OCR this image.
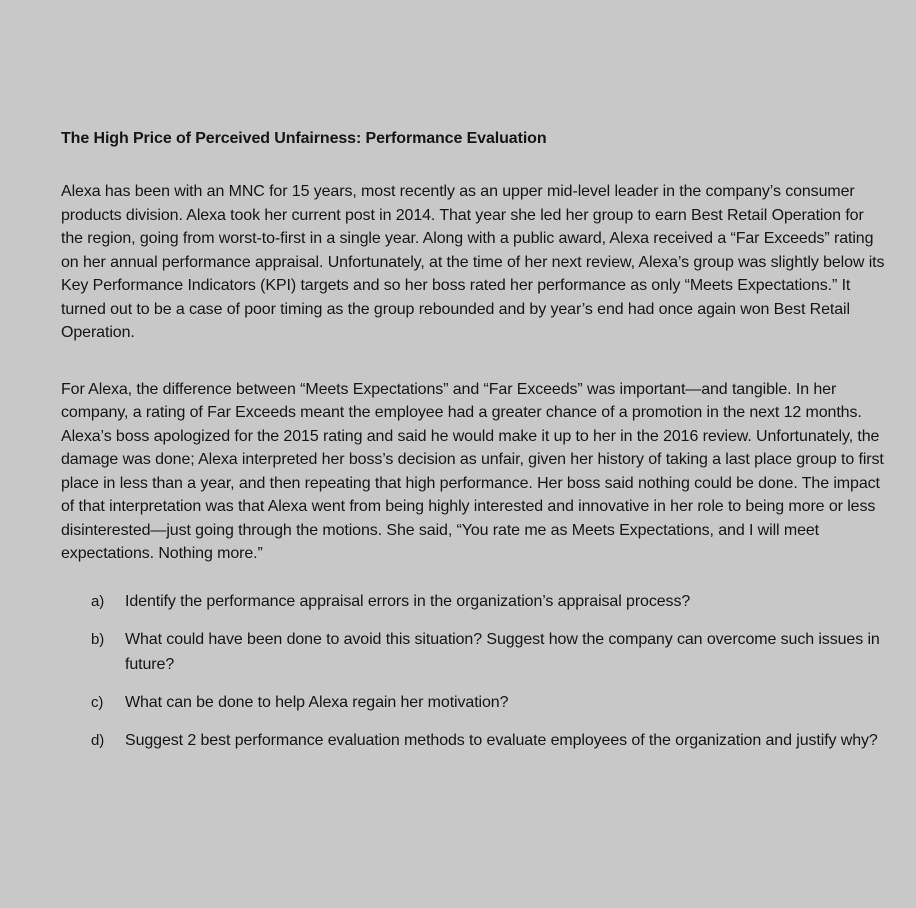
The High Price of Perceived Unfairness: Performance Evaluation

Alexa has been with an MNC for 15 years, most recently as an upper mid-level leader in the company’s consumer products division. Alexa took her current post in 2014. That year she led her group to earn Best Retail Operation for the region, going from worst-to-first in a single year. Along with a public award, Alexa received a “Far Exceeds” rating on her annual performance appraisal. Unfortunately, at the time of her next review, Alexa’s group was slightly below its Key Performance Indicators (KPI) targets and so her boss rated her performance as only “Meets Expectations.” It turned out to be a case of poor timing as the group rebounded and by year’s end had once again won Best Retail Operation.

For Alexa, the difference between “Meets Expectations” and “Far Exceeds” was important—and tangible. In her company, a rating of Far Exceeds meant the employee had a greater chance of a promotion in the next 12 months. Alexa’s boss apologized for the 2015 rating and said he would make it up to her in the 2016 review. Unfortunately, the damage was done; Alexa interpreted her boss’s decision as unfair, given her history of taking a last place group to first place in less than a year, and then repeating that high performance. Her boss said nothing could be done. The impact of that interpretation was that Alexa went from being highly interested and innovative in her role to being more or less disinterested—just going through the motions. She said, “You rate me as Meets Expectations, and I will meet expectations. Nothing more.”

a)	Identify the performance appraisal errors in the organization’s appraisal process?
b)	What could have been done to avoid this situation? Suggest how the company can overcome such issues in future?
c)	What can be done to help Alexa regain her motivation?
d)	Suggest 2 best performance evaluation methods to evaluate employees of the organization and justify why?
